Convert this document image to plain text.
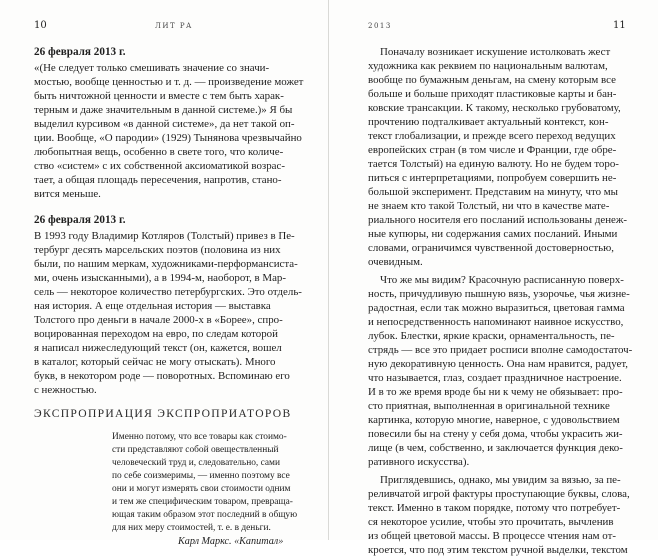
10	ЛИТ РА
26 февраля 2013 г.
«(Не следует только смешивать значение со значи-
мостью, вообще ценностью и т. д. — произведение может
быть ничтожной ценности и вместе с тем быть харак-
терным и даже значительным в данной системе.)» Я бы
выделил курсивом «в данной системе», да нет такой оп-
ции. Вообще, «О пародии» (1929) Тынянова чрезвычайно
любопытная вещь, особенно в свете того, что количе-
ство «систем» с их собственной аксиоматикой возрас-
тает, а общая площадь пересечения, напротив, стано-
вится меньше.
26 февраля 2013 г.
В 1993 году Владимир Котляров (Толстый) привез в Пе-
тербург десять марсельских поэтов (половина из них
были, по нашим меркам, художниками-перформансиста-
ми, очень изысканными), а в 1994-м, наоборот, в Мар-
сель — некоторое количество петербургских. Это отдель-
ная история. А еще отдельная история — выставка
Толстого про деньги в начале 2000-х в «Борее», спро-
воцированная переходом на евро, по следам которой
я написал нижеследующий текст (он, кажется, вошел
в каталог, который сейчас не могу отыскать). Много
букв, в некотором роде — поворотных. Вспоминаю его
с нежностью.
ЭКСПРОПРИАЦИЯ ЭКСПРОПРИАТОРОВ
Именно потому, что все товары как стоимо-
сти представляют собой овеществленный
человеческий труд и, следовательно, сами
по себе соизмеримы, — именно поэтому все
они и могут измерять свои стоимости одним
и тем же специфическим товаром, превраща-
ющая таким образом этот последний в общую
для них меру стоимостей, т. е. в деньги.
Карл Маркс. «Капитал»
2013	11
Поначалу возникает искушение истолковать жест
художника как реквием по национальным валютам,
вообще по бумажным деньгам, на смену которым все
больше и больше приходят пластиковые карты и бан-
ковские трансакции. К такому, несколько грубоватому,
прочтению подталкивает актуальный контекст, кон-
текст глобализации, и прежде всего переход ведущих
европейских стран (в том числе и Франции, где обре-
тается Толстый) на единую валюту. Но не будем торо-
питься с интерпретациями, попробуем совершить не-
большой эксперимент. Представим на минуту, что мы
не знаем кто такой Толстый, ни что в качестве мате-
риального носителя его посланий использованы денеж-
ные купюры, ни содержания самих посланий. Иными
словами, ограничимся чувственной достоверностью,
очевидным.
Что же мы видим? Красочную расписанную поверх-
ность, причудливую пышную вязь, узорочье, чья жизне-
радостная, если так можно выразиться, цветовая гамма
и непосредственность напоминают наивное искусство,
лубок. Блестки, яркие краски, орнаментальность, пе-
стрядь — все это придает росписи вполне самодостаточ-
ную декоративную ценность. Она нам нравится, радует,
что называется, глаз, создает праздничное настроение.
И в то же время вроде бы ни к чему не обязывает: про-
сто приятная, выполненная в оригинальной технике
картинка, которую многие, наверное, с удовольствием
повесили бы на стену у себя дома, чтобы украсить жи-
лище (в чем, собственно, и заключается функция деко-
ративного искусства).
Приглядевшись, однако, мы увидим за вязью, за пе-
реливчатой игрой фактуры проступающие буквы, слова,
текст. Именно в таком порядке, потому что потребует-
ся некоторое усилие, чтобы это прочитать, вычленив
из общей цветовой массы. В процессе чтения нам от-
кроется, что под этим текстом ручной выделки, текстом
